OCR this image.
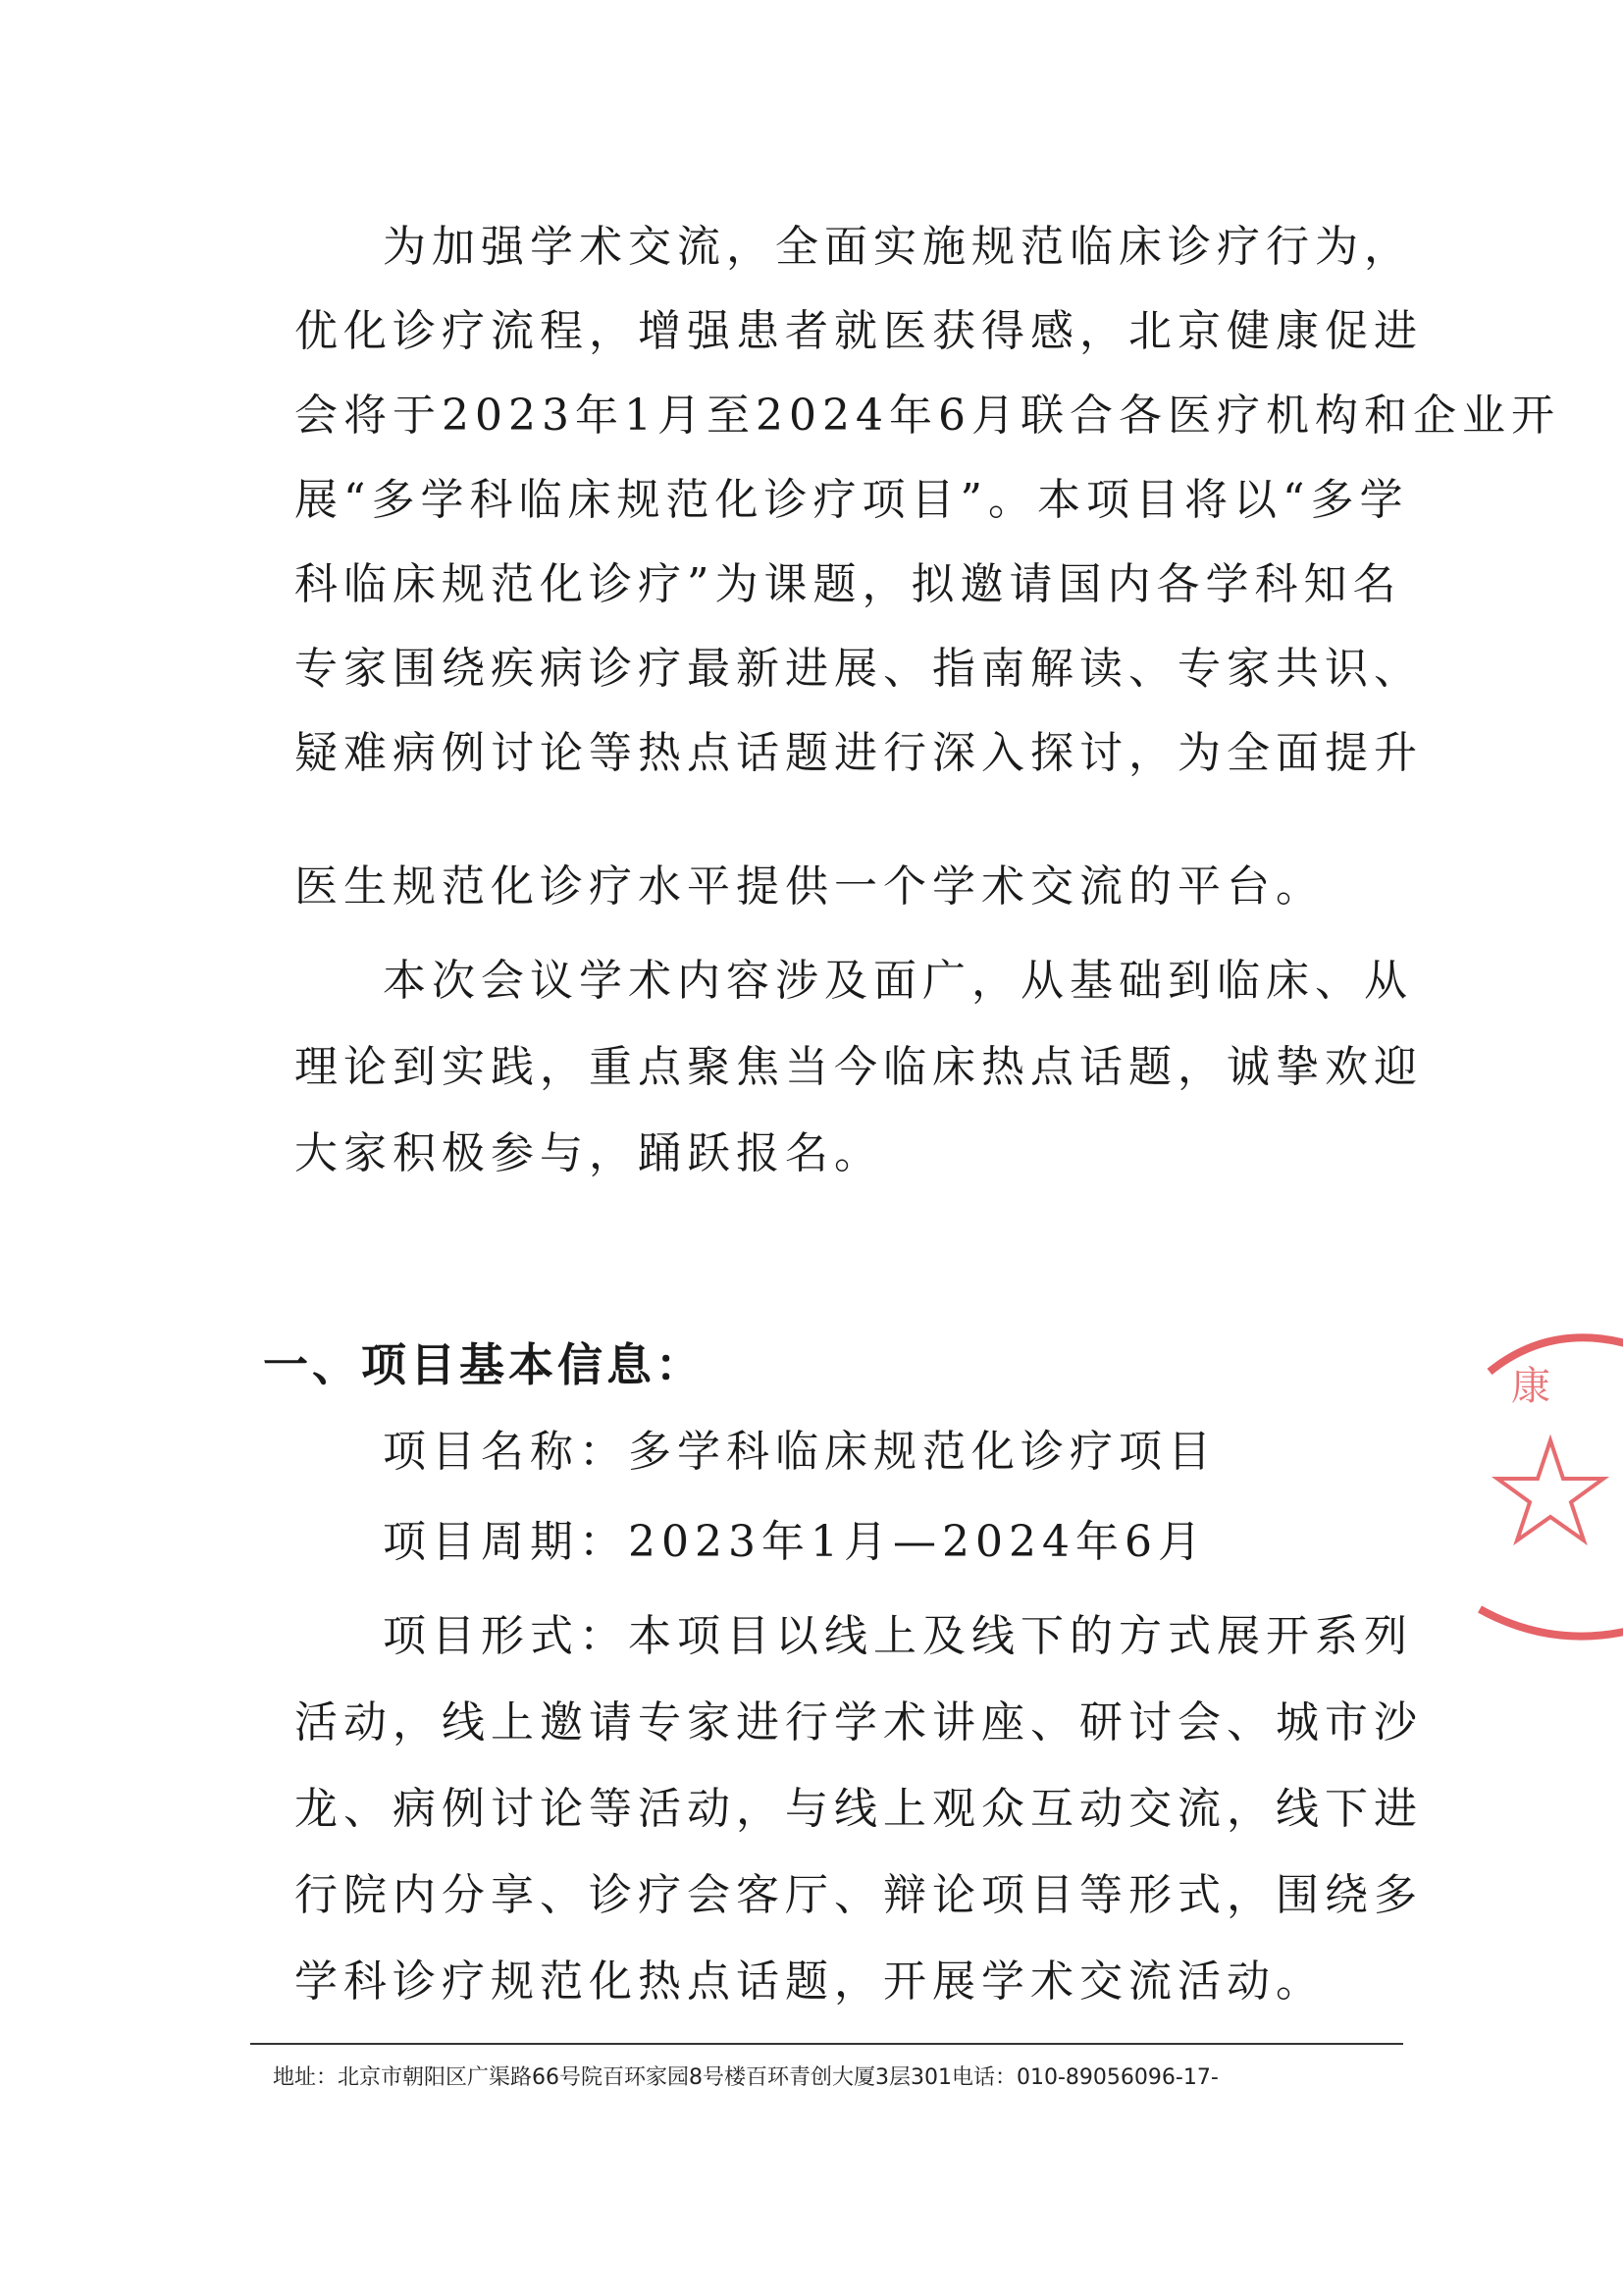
为加强学术交流，全面实施规范临床诊疗行为，
优化诊疗流程，增强患者就医获得感，北京健康促进
会将于2023年1月至2024年6月联合各医疗机构和企业开
展“多学科临床规范化诊疗项目”。本项目将以“多学
科临床规范化诊疗”为课题，拟邀请国内各学科知名
专家围绕疾病诊疗最新进展、指南解读、专家共识、
疑难病例讨论等热点话题进行深入探讨，为全面提升
医生规范化诊疗水平提供一个学术交流的平台。
本次会议学术内容涉及面广，从基础到临床、从
理论到实践，重点聚焦当今临床热点话题，诚挚欢迎
大家积极参与，踊跃报名。
一、项目基本信息：
项目名称：多学科临床规范化诊疗项目
项目周期：2023年1月—2024年6月
项目形式：本项目以线上及线下的方式展开系列
活动，线上邀请专家进行学术讲座、研讨会、城市沙
龙、病例讨论等活动，与线上观众互动交流，线下进
行院内分享、诊疗会客厅、辩论项目等形式，围绕多
学科诊疗规范化热点话题，开展学术交流活动。
地址：北京市朝阳区广渠路66号院百环家园8号楼百环青创大厦3层301电话：010-89056096-17-
康
